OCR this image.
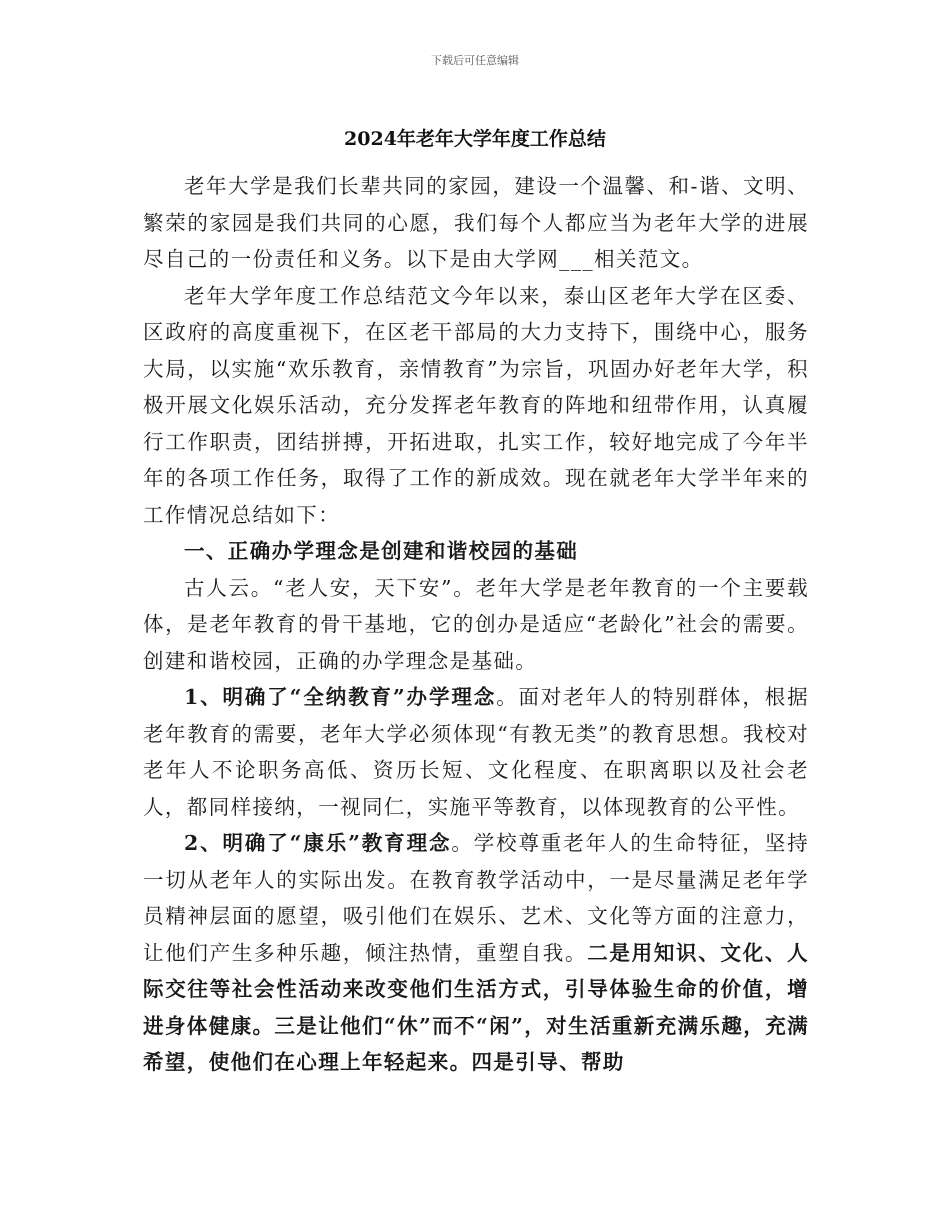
下载后可任意编辑
2024年老年大学年度工作总结

老年大学是我们长辈共同的家园，建设一个温馨、和-谐、文明、繁荣的家园是我们共同的心愿，我们每个人都应当为老年大学的进展尽自己的一份责任和义务。以下是由大学网___相关范文。

老年大学年度工作总结范文今年以来，泰山区老年大学在区委、区政府的高度重视下，在区老干部局的大力支持下，围绕中心，服务大局，以实施“欢乐教育，亲情教育”为宗旨，巩固办好老年大学，积极开展文化娱乐活动，充分发挥老年教育的阵地和纽带作用，认真履行工作职责，团结拼搏，开拓进取，扎实工作，较好地完成了今年半年的各项工作任务，取得了工作的新成效。现在就老年大学半年来的工作情况总结如下：

一、正确办学理念是创建和谐校园的基础

古人云。“老人安，天下安”。老年大学是老年教育的一个主要载体，是老年教育的骨干基地，它的创办是适应“老龄化”社会的需要。创建和谐校园，正确的办学理念是基础。

1、明确了“全纳教育”办学理念。面对老年人的特别群体，根据老年教育的需要，老年大学必须体现“有教无类”的教育思想。我校对老年人不论职务高低、资历长短、文化程度、在职离职以及社会老人，都同样接纳，一视同仁，实施平等教育，以体现教育的公平性。

2、明确了“康乐”教育理念。学校尊重老年人的生命特征，坚持一切从老年人的实际出发。在教育教学活动中，一是尽量满足老年学员精神层面的愿望，吸引他们在娱乐、艺术、文化等方面的注意力，让他们产生多种乐趣，倾注热情，重塑自我。二是用知识、文化、人际交往等社会性活动来改变他们生活方式，引导体验生命的价值，增进身体健康。三是让他们“休”而不“闲”，对生活重新充满乐趣，充满希望，使他们在心理上年轻起来。四是引导、帮助
